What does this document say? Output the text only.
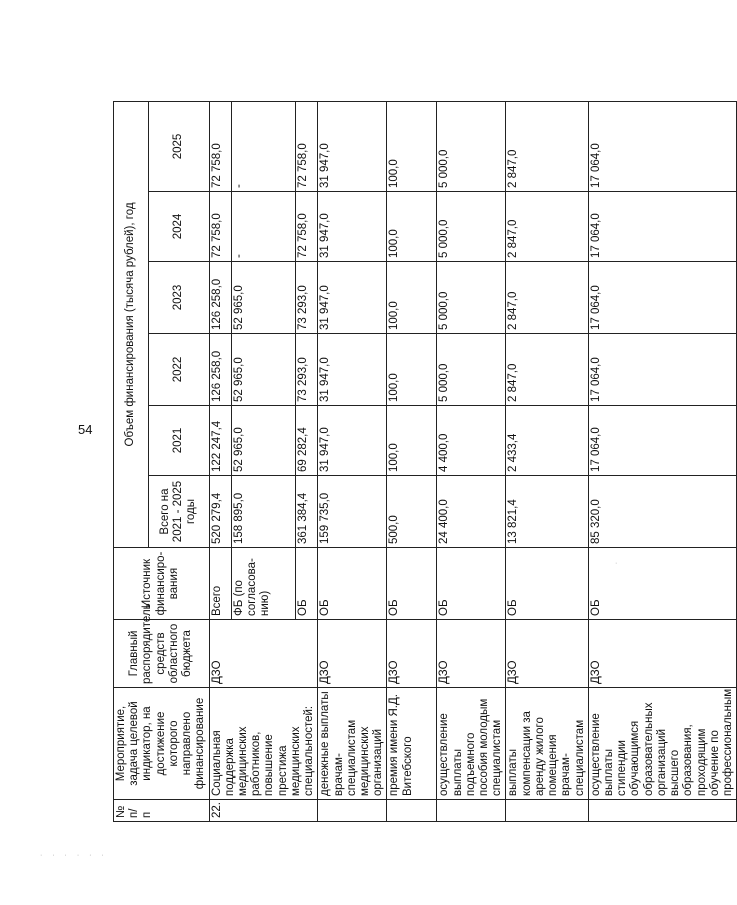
54
№ п/п	Мероприятие, задача целевой индикатор, на достижение которого направлено финансирование	Главный распорядитель средств областного бюджета	Источник финансиро-вания	Объем финансирования (тысяча рублей), год					
				Всего на 2021 - 2025 годы	2021	2022	2023	2024	2025
22.	Социальная поддержка медицинских работников, повышение престижа медицинских специальностей:	ДЗО	Всего	520 279,4	122 247,4	126 258,0	126 258,0	72 758,0	72 758,0
			ФБ (по согласова-нию)	158 895,0	52 965,0	52 965,0	52 965,0	-	-
			ОБ	361 384,4	69 282,4	73 293,0	73 293,0	72 758,0	72 758,0
	денежные выплаты врачам-специалистам медицинских организаций	ДЗО	ОБ	159 735,0	31 947,0	31 947,0	31 947,0	31 947,0	31 947,0
	премия имени Я.Д. Витебского	ДЗО	ОБ	500,0	100,0	100,0	100,0	100,0	100,0
	осуществление выплаты подъемного пособия молодым специалистам	ДЗО	ОБ	24 400,0	4 400,0	5 000,0	5 000,0	5 000,0	5 000,0
	выплаты компенсации за аренду жилого помещения врачам-специалистам	ДЗО	ОБ	13 821,4	2 433,4	2 847,0	2 847,0	2 847,0	2 847,0
	осуществление выплаты стипендии обучающимся образовательных организаций высшего образования, проходящим обучение по профессиональным	ДЗО	ОБ	85 320,0	17 064,0	17 064,0	17 064,0	17 064,0	17 064,0
· · · · · ·
·
